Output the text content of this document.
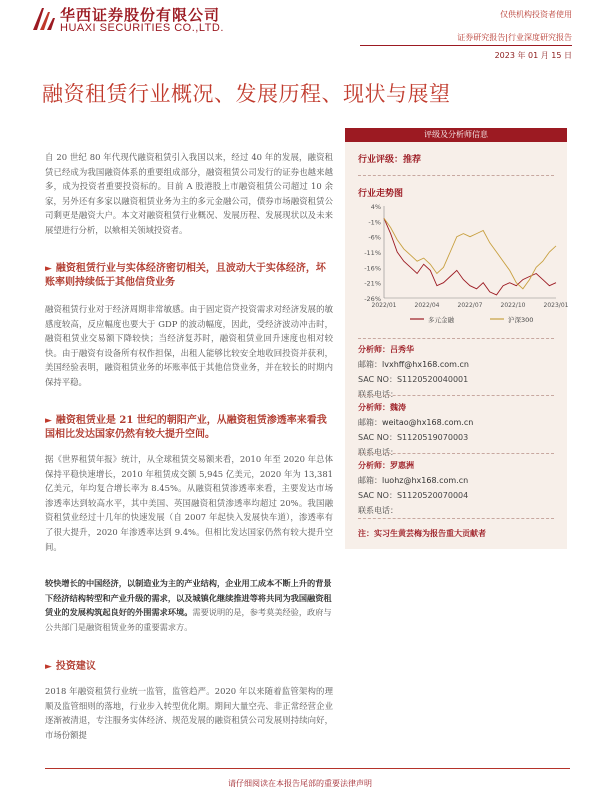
华西证券股份有限公司
HUAXI SECURITIES CO.,LTD.
仅供机构投资者使用
证券研究报告|行业深度研究报告
2023 年 01 月 15 日
融资租赁行业概况、发展历程、现状与展望
评级及分析师信息
行业评级：推荐
行业走势图
4%
-1%
-6%
-11%
-16%
-21%
-26%
2022/01	2022/04	2022/07	2022/10	2023/01
多元金融	沪深300
分析师：吕秀华
邮箱：lvxhff@hx168.com.cn
SAC NO：S1120520040001
联系电话：
分析师：魏涛
邮箱：weitao@hx168.com.cn
SAC NO：S1120519070003
联系电话：
分析师：罗惠洲
邮箱：luohz@hx168.com.cn
SAC NO：S1120520070004
联系电话：
注：实习生黄芸梅为报告重大贡献者
自 20 世纪 80 年代现代融资租赁引入我国以来，经过 40 年的发展，融资租赁已经成为我国融资体系的重要组成部分，融资租赁公司发行的证券也越来越多，成为投资者重要投资标的。目前 A 股港股上市融资租赁公司超过 10 余家，另外还有多家以融资租赁业务为主的多元金融公司，债券市场融资租赁公司剩更是融资大户。本文对融资租赁行业概况、发展历程、发展现状以及未来展望进行分析，以飨相关领域投资者。
► 融资租赁行业与实体经济密切相关，且波动大于实体经济，坏账率则持续低于其他信贷业务
融资租赁行业对于经济周期非常敏感。由于固定资产投资需求对经济发展的敏感度较高，反应幅度也要大于 GDP 的波动幅度，因此，受经济波动冲击时，融资租赁业交易额下降较快；当经济复苏时，融资租赁业回升速度也相对较快。由于融资有设备所有权作担保，出租人能够比较安全地收回投资并获利，美国经验表明，融资租赁业务的坏账率低于其他信贷业务，并在较长的时期内保持平稳。
► 融资租赁业是 21 世纪的朝阳产业，从融资租赁渗透率来看我国相比发达国家仍然有较大提升空间。
据《世界租赁年报》统计，从全球租赁交易额来看，2010 年至 2020 年总体保持平稳快速增长，2010 年租赁成交额 5,945 亿美元，2020 年为 13,381 亿美元，年均复合增长率为 8.45%。从融资租赁渗透率来看，主要发达市场渗透率达到较高水平，其中美国、英国融资租赁渗透率均超过 20%。我国融资租赁业经过十几年的快速发展（自 2007 年起快入发展快车道），渗透率有了很大提升，2020 年渗透率达到 9.4%。但相比发达国家仍然有较大提升空间。
较快增长的中国经济，以制造业为主的产业结构，企业用工成本不断上升的背景下经济结构转型和产业升级的需求，以及城镇化继续推进等将共同为我国融资租赁业的发展构筑起良好的外围需求环境。需要说明的是，参考莫美经验，政府与公共部门是融资租赁业务的重要需求方。
► 投资建议
2018 年融资租赁行业统一监管，监管趋严。2020 年以来随着监管架构的理顺及监管细则的落地，行业步入转型优化期。期间大量空壳、非正常经营企业逐渐被清退，专注服务实体经济、规范发展的融资租赁公司发展则持续向好，市场份额提
请仔细阅读在本报告尾部的重要法律声明
